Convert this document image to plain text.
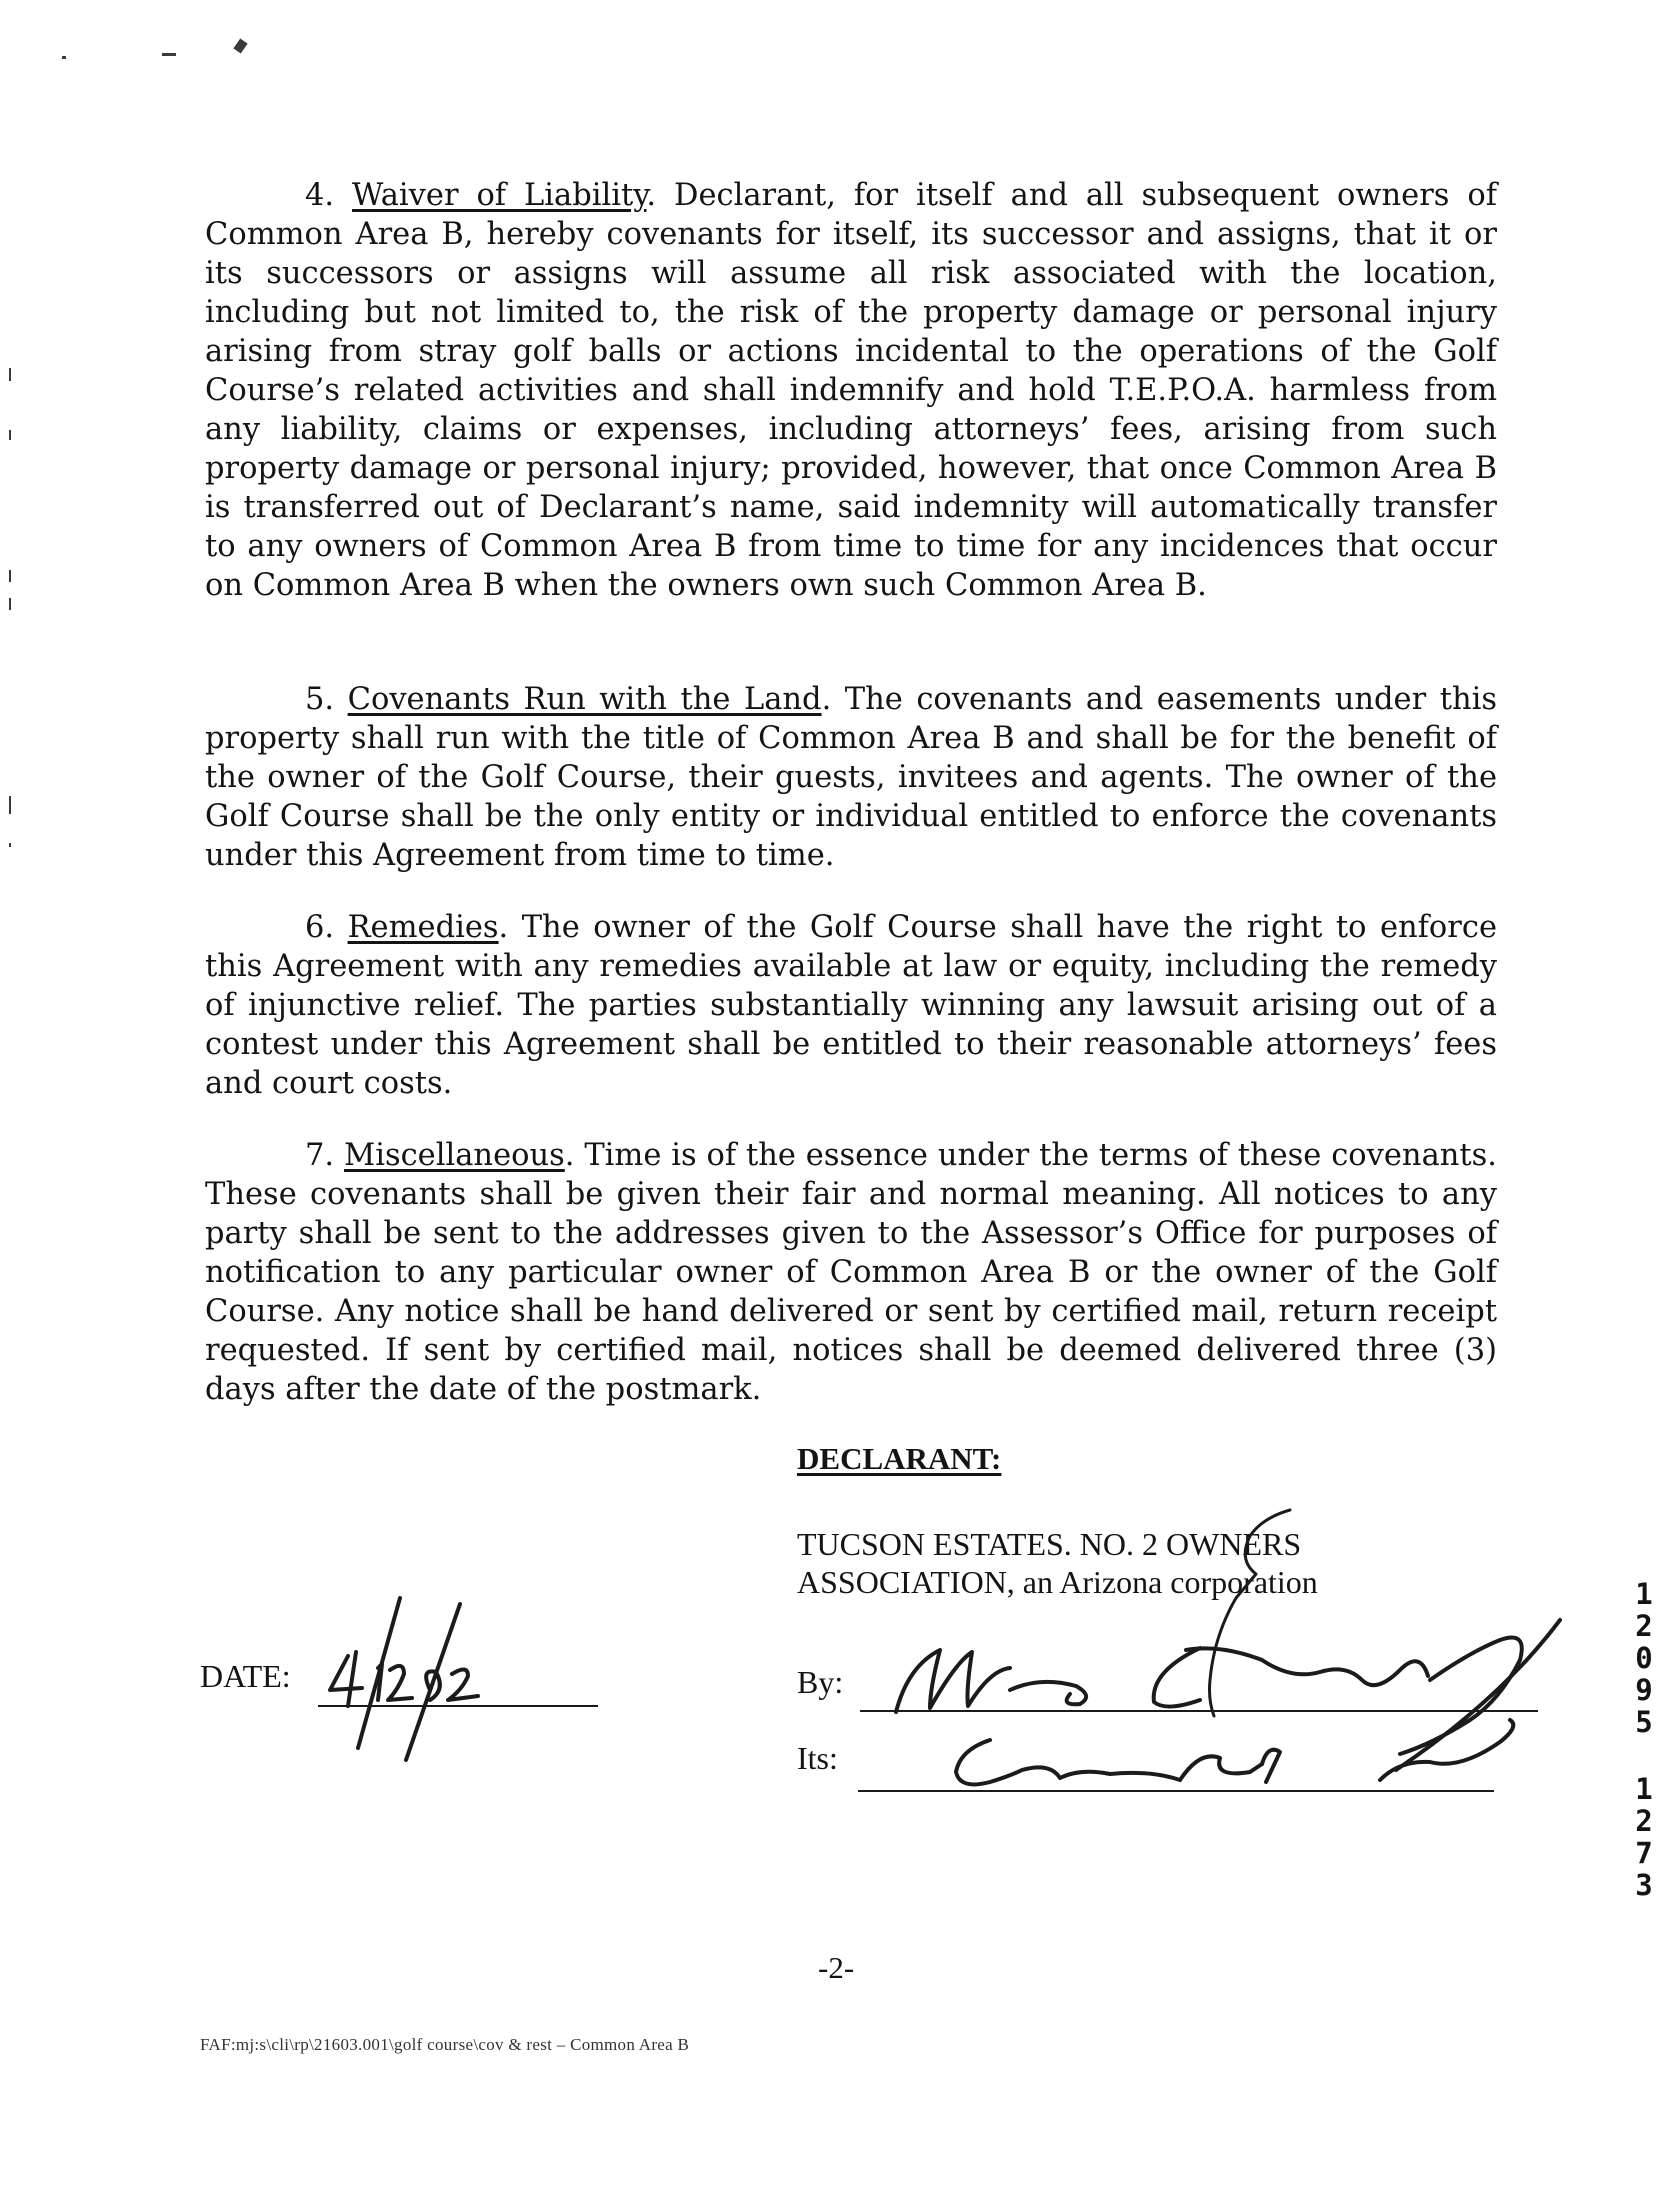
4. Waiver of Liability. Declarant, for itself and all subsequent owners of Common Area B, hereby covenants for itself, its successor and assigns, that it or its successors or assigns will assume all risk associated with the location, including but not limited to, the risk of the property damage or personal injury arising from stray golf balls or actions incidental to the operations of the Golf Course’s related activities and shall indemnify and hold T.E.P.O.A. harmless from any liability, claims or expenses, including attorneys’ fees, arising from such property damage or personal injury; provided, however, that once Common Area B is transferred out of Declarant’s name, said indemnity will automatically transfer to any owners of Common Area B from time to time for any incidences that occur on Common Area B when the owners own such Common Area B.

5. Covenants Run with the Land. The covenants and easements under this property shall run with the title of Common Area B and shall be for the benefit of the owner of the Golf Course, their guests, invitees and agents. The owner of the Golf Course shall be the only entity or individual entitled to enforce the covenants under this Agreement from time to time.

6. Remedies. The owner of the Golf Course shall have the right to enforce this Agreement with any remedies available at law or equity, including the remedy of injunctive relief. The parties substantially winning any lawsuit arising out of a contest under this Agreement shall be entitled to their reasonable attorneys’ fees and court costs.

7. Miscellaneous. Time is of the essence under the terms of these covenants. These covenants shall be given their fair and normal meaning. All notices to any party shall be sent to the addresses given to the Assessor’s Office for purposes of notification to any particular owner of Common Area B or the owner of the Golf Course. Any notice shall be hand delivered or sent by certified mail, return receipt requested. If sent by certified mail, notices shall be deemed delivered three (3) days after the date of the postmark.

DECLARANT:
TUCSON ESTATES. NO. 2 OWNERS
ASSOCIATION, an Arizona corporation
DATE:	By:
Its:
12095
1273
-2-
FAF:mj:s\cli\rp\21603.001\golf course\cov & rest – Common Area B
